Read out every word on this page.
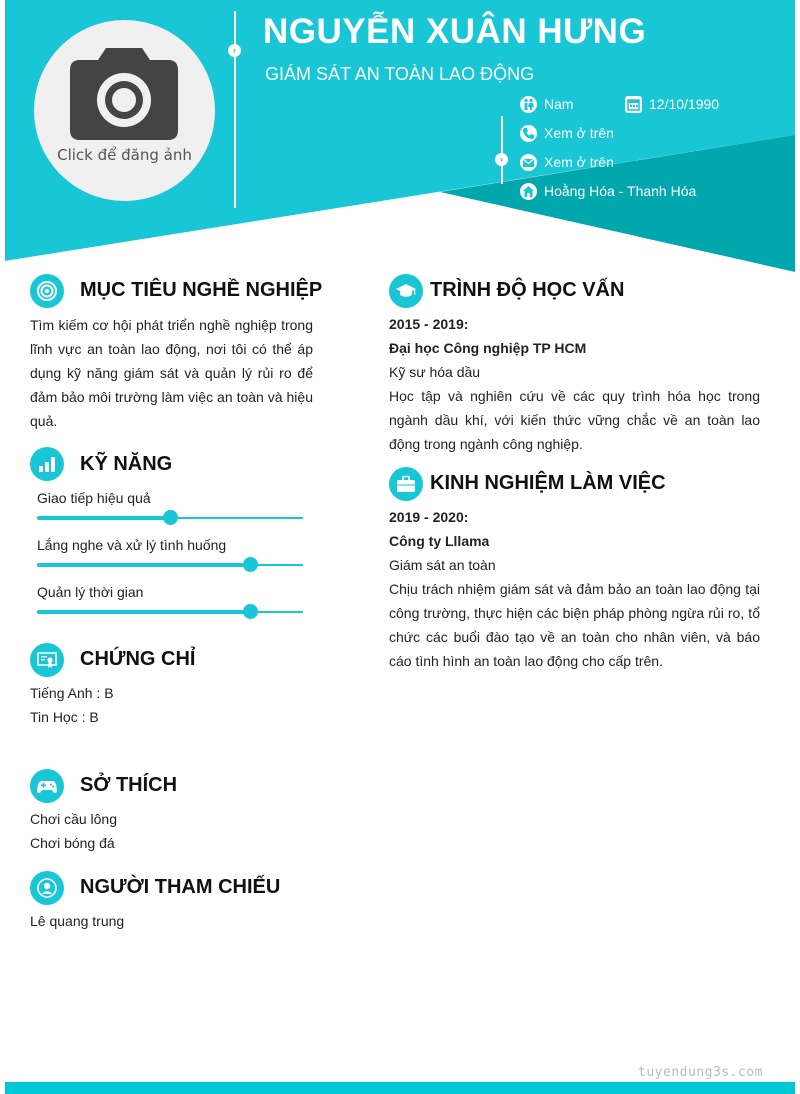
Click để đăng ảnh
›
›
NGUYỄN XUÂN HƯNG
GIÁM SÁT AN TOÀN LAO ĐỘNG
Nam	12/10/1990
Xem ở trên
Xem ở trên
Hoằng Hóa - Thanh Hóa
MỤC TIÊU NGHỀ NGHIỆP
Tìm kiếm cơ hội phát triển nghề nghiệp trong lĩnh vực an toàn lao động, nơi tôi có thể áp dụng kỹ năng giám sát và quản lý rủi ro để đảm bảo môi trường làm việc an toàn và hiệu quả.
KỸ NĂNG
Giao tiếp hiệu quả
Lắng nghe và xử lý tình huống
Quản lý thời gian
CHỨNG CHỈ
Tiếng Anh : B
Tin Học : B
SỞ THÍCH
Chơi cầu lông
Chơi bóng đá
NGƯỜI THAM CHIẾU
Lê quang trung
TRÌNH ĐỘ HỌC VẤN
2015 - 2019:
Đại học Công nghiệp TP HCM
Kỹ sư hóa dầu
Học tập và nghiên cứu về các quy trình hóa học trong ngành dầu khí, với kiến thức vững chắc về an toàn lao động trong ngành công nghiệp.
KINH NGHIỆM LÀM VIỆC
2019 - 2020:
Công ty Lllama
Giám sát an toàn
Chịu trách nhiệm giám sát và đảm bảo an toàn lao động tại công trường, thực hiện các biện pháp phòng ngừa rủi ro, tổ chức các buổi đào tạo về an toàn cho nhân viên, và báo cáo tình hình an toàn lao động cho cấp trên.
tuyendung3s.com
